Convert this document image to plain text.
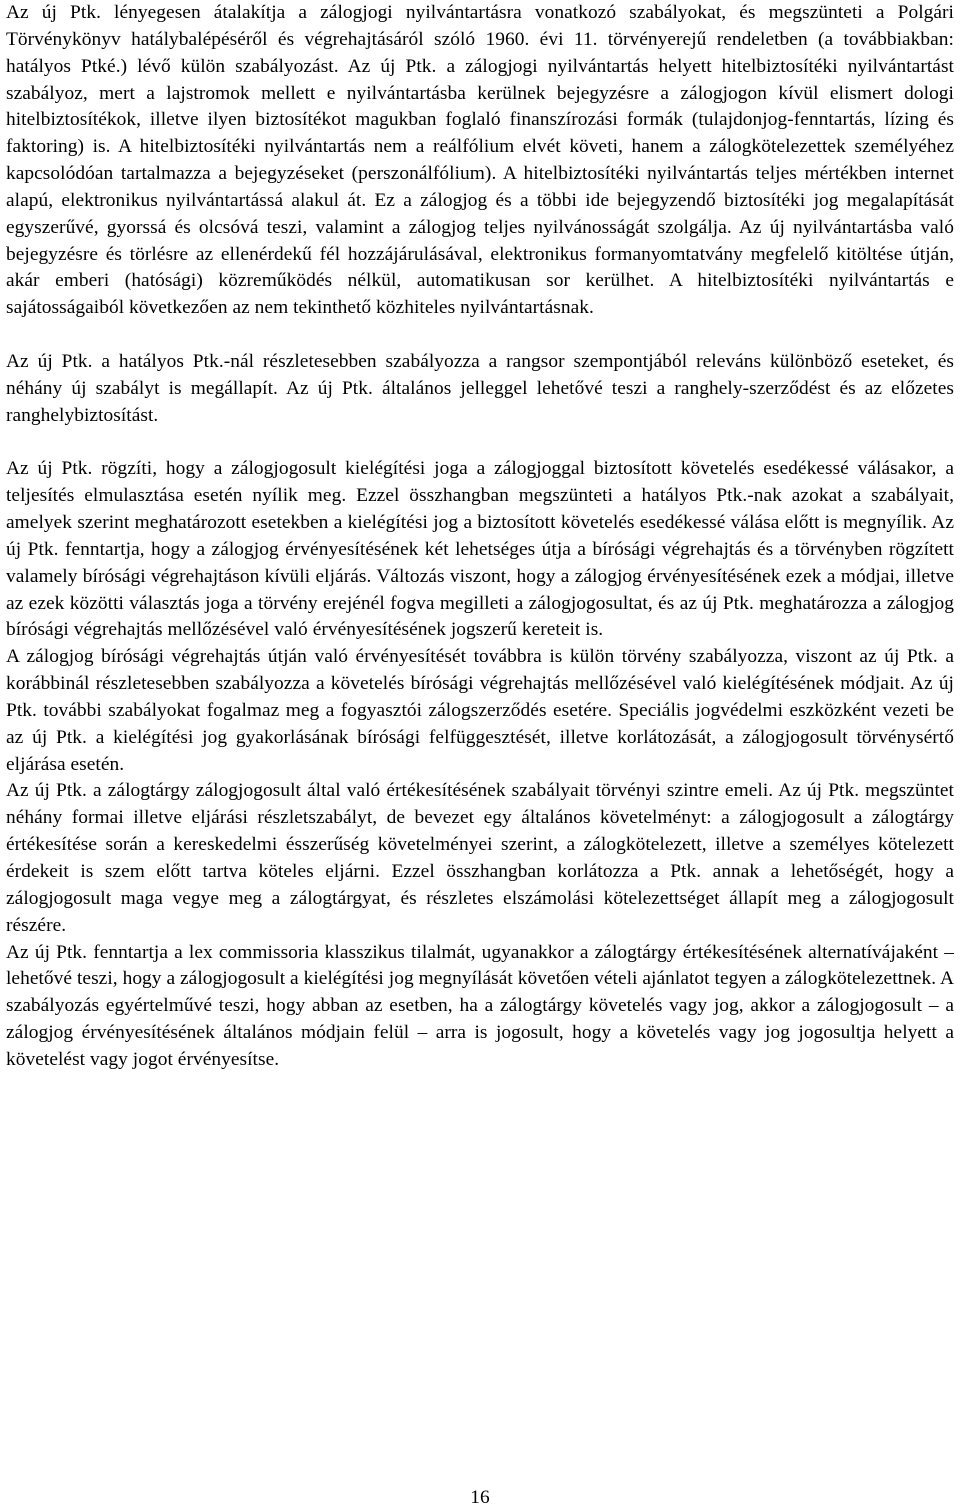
Az új Ptk. lényegesen átalakítja a zálogjogi nyilvántartásra vonatkozó szabályokat, és megszünteti a Polgári Törvénykönyv hatálybalépéséről és végrehajtásáról szóló 1960. évi 11. törvényerejű rendeletben (a továbbiakban: hatályos Ptké.) lévő külön szabályozást. Az új Ptk. a zálogjogi nyilvántartás helyett hitelbiztosítéki nyilvántartást szabályoz, mert a lajstromok mellett e nyilvántartásba kerülnek bejegyzésre a zálogjogon kívül elismert dologi hitelbiztosítékok, illetve ilyen biztosítékot magukban foglaló finanszírozási formák (tulajdonjog-fenntartás, lízing és faktoring) is. A hitelbiztosítéki nyilvántartás nem a reálfólium elvét követi, hanem a zálogkötelezettek személyéhez kapcsolódóan tartalmazza a bejegyzéseket (perszonálfólium). A hitelbiztosítéki nyilvántartás teljes mértékben internet alapú, elektronikus nyilvántartássá alakul át. Ez a zálogjog és a többi ide bejegyzendő biztosítéki jog megalapítását egyszerűvé, gyorssá és olcsóvá teszi, valamint a zálogjog teljes nyilvánosságát szolgálja. Az új nyilvántartásba való bejegyzésre és törlésre az ellenérdekű fél hozzájárulásával, elektronikus formanyomtatvány megfelelő kitöltése útján, akár emberi (hatósági) közreműködés nélkül, automatikusan sor kerülhet. A hitelbiztosítéki nyilvántartás e sajátosságaiból következően az nem tekinthető közhiteles nyilvántartásnak.

Az új Ptk. a hatályos Ptk.-nál részletesebben szabályozza a rangsor szempontjából releváns különböző eseteket, és néhány új szabályt is megállapít. Az új Ptk. általános jelleggel lehetővé teszi a ranghely-szerződést és az előzetes ranghelybiztosítást.

Az új Ptk. rögzíti, hogy a zálogjogosult kielégítési joga a zálogjoggal biztosított követelés esedékessé válásakor, a teljesítés elmulasztása esetén nyílik meg. Ezzel összhangban megszünteti a hatályos Ptk.-nak azokat a szabályait, amelyek szerint meghatározott esetekben a kielégítési jog a biztosított követelés esedékessé válása előtt is megnyílik. Az új Ptk. fenntartja, hogy a zálogjog érvényesítésének két lehetséges útja a bírósági végrehajtás és a törvényben rögzített valamely bírósági végrehajtáson kívüli eljárás. Változás viszont, hogy a zálogjog érvényesítésének ezek a módjai, illetve az ezek közötti választás joga a törvény erejénél fogva megilleti a zálogjogosultat, és az új Ptk. meghatározza a zálogjog bírósági végrehajtás mellőzésével való érvényesítésének jogszerű kereteit is.

A zálogjog bírósági végrehajtás útján való érvényesítését továbbra is külön törvény szabályozza, viszont az új Ptk. a korábbinál részletesebben szabályozza a követelés bírósági végrehajtás mellőzésével való kielégítésének módjait. Az új Ptk. további szabályokat fogalmaz meg a fogyasztói zálogszerződés esetére. Speciális jogvédelmi eszközként vezeti be az új Ptk. a kielégítési jog gyakorlásának bírósági felfüggesztését, illetve korlátozását, a zálogjogosult törvénysértő eljárása esetén.

Az új Ptk. a zálogtárgy zálogjogosult által való értékesítésének szabályait törvényi szintre emeli. Az új Ptk. megszüntet néhány formai illetve eljárási részletszabályt, de bevezet egy általános követelményt: a zálogjogosult a zálogtárgy értékesítése során a kereskedelmi ésszerűség követelményei szerint, a zálogkötelezett, illetve a személyes kötelezett érdekeit is szem előtt tartva köteles eljárni. Ezzel összhangban korlátozza a Ptk. annak a lehetőségét, hogy a zálogjogosult maga vegye meg a zálogtárgyat, és részletes elszámolási kötelezettséget állapít meg a zálogjogosult részére.

Az új Ptk. fenntartja a lex commissoria klasszikus tilalmát, ugyanakkor a zálogtárgy értékesítésének alternatívájaként – lehetővé teszi, hogy a zálogjogosult a kielégítési jog megnyílását követően vételi ajánlatot tegyen a zálogkötelezettnek. A szabályozás egyértelművé teszi, hogy abban az esetben, ha a zálogtárgy követelés vagy jog, akkor a zálogjogosult – a zálogjog érvényesítésének általános módjain felül – arra is jogosult, hogy a követelés vagy jog jogosultja helyett a követelést vagy jogot érvényesítse.

16
